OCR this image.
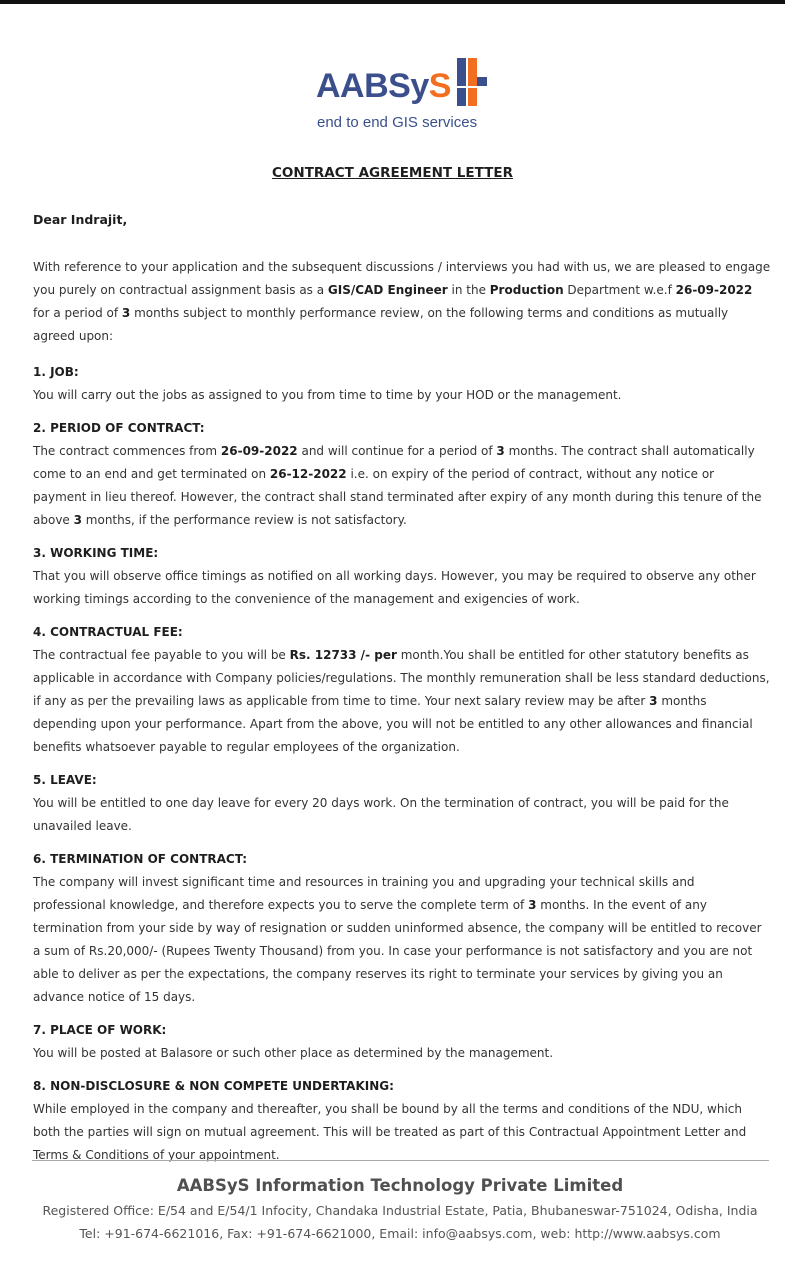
AABSyS
end to end GIS services
CONTRACT AGREEMENT LETTER
Dear Indrajit,

With reference to your application and the subsequent discussions / interviews you had with us, we are pleased to engage you purely on contractual assignment basis as a GIS/CAD Engineer in the Production Department w.e.f 26-09-2022 for a period of 3 months subject to monthly performance review, on the following terms and conditions as mutually agreed upon:

1. JOB:

You will carry out the jobs as assigned to you from time to time by your HOD or the management.

2. PERIOD OF CONTRACT:

The contract commences from 26-09-2022 and will continue for a period of 3 months. The contract shall automatically come to an end and get terminated on 26-12-2022 i.e. on expiry of the period of contract, without any notice or payment in lieu thereof. However, the contract shall stand terminated after expiry of any month during this tenure of the above 3 months, if the performance review is not satisfactory.

3. WORKING TIME:

That you will observe office timings as notified on all working days. However, you may be required to observe any other working timings according to the convenience of the management and exigencies of work.

4. CONTRACTUAL FEE:

The contractual fee payable to you will be Rs. 12733 /- per month.You shall be entitled for other statutory benefits as applicable in accordance with Company policies/regulations. The monthly remuneration shall be less standard deductions, if any as per the prevailing laws as applicable from time to time. Your next salary review may be after 3 months depending upon your performance. Apart from the above, you will not be entitled to any other allowances and financial benefits whatsoever payable to regular employees of the organization.

5. LEAVE:

You will be entitled to one day leave for every 20 days work. On the termination of contract, you will be paid for the unavailed leave.

6. TERMINATION OF CONTRACT:

The company will invest significant time and resources in training you and upgrading your technical skills and professional knowledge, and therefore expects you to serve the complete term of 3 months. In the event of any termination from your side by way of resignation or sudden uninformed absence, the company will be entitled to recover a sum of Rs.20,000/- (Rupees Twenty Thousand) from you. In case your performance is not satisfactory and you are not able to deliver as per the expectations, the company reserves its right to terminate your services by giving you an advance notice of 15 days.

7. PLACE OF WORK:

You will be posted at Balasore or such other place as determined by the management.

8. NON-DISCLOSURE & NON COMPETE UNDERTAKING:

While employed in the company and thereafter, you shall be bound by all the terms and conditions of the NDU, which both the parties will sign on mutual agreement. This will be treated as part of this Contractual Appointment Letter and Terms & Conditions of your appointment.

AABSyS Information Technology Private Limited
Registered Office: E/54 and E/54/1 Infocity, Chandaka Industrial Estate, Patia, Bhubaneswar-751024, Odisha, India
Tel: +91-674-6621016, Fax: +91-674-6621000, Email: info@aabsys.com, web: http://www.aabsys.com
